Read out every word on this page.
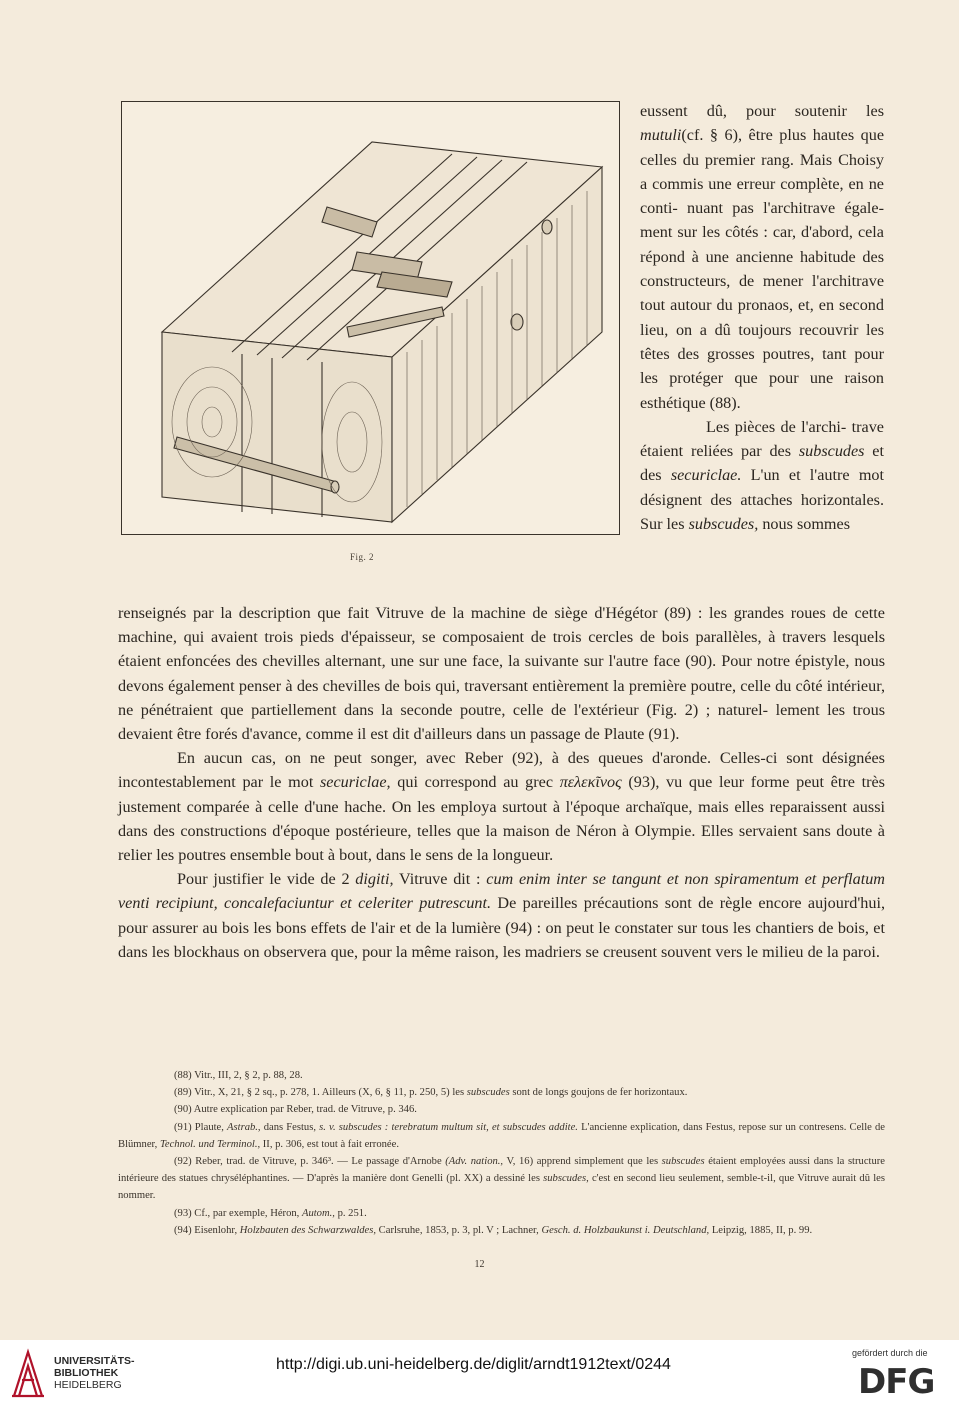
Fig. 2

eussent dû, pour soutenir les mutuli(cf. § 6), être plus hautes que celles du premier rang. Mais Choisy a commis une erreur complète, en ne conti- nuant pas l'architrave égale- ment sur les côtés : car, d'abord, cela répond à une ancienne habitude des constructeurs, de mener l'architrave tout autour du pronaos, et, en second lieu, on a dû toujours recouvrir les têtes des grosses poutres, tant pour les protéger que pour une raison esthétique (88).

Les pièces de l'archi- trave étaient reliées par des subscudes et des securiclae. L'un et l'autre mot désignent des attaches horizontales. Sur les subscudes, nous sommes

renseignés par la description que fait Vitruve de la machine de siège d'Hégétor (89) : les grandes roues de cette machine, qui avaient trois pieds d'épaisseur, se composaient de trois cercles de bois parallèles, à travers lesquels étaient enfoncées des chevilles alternant, une sur une face, la suivante sur l'autre face (90). Pour notre épistyle, nous devons également penser à des chevilles de bois qui, traversant entièrement la première poutre, celle du côté intérieur, ne pénétraient que partiellement dans la seconde poutre, celle de l'extérieur (Fig. 2) ; naturel- lement les trous devaient être forés d'avance, comme il est dit d'ailleurs dans un passage de Plaute (91).

En aucun cas, on ne peut songer, avec Reber (92), à des queues d'aronde. Celles-ci sont désignées incontestablement par le mot securiclae, qui correspond au grec πελεκῖνος (93), vu que leur forme peut être très justement comparée à celle d'une hache. On les employa surtout à l'époque archaïque, mais elles reparaissent aussi dans des constructions d'époque postérieure, telles que la maison de Néron à Olympie. Elles servaient sans doute à relier les poutres ensemble bout à bout, dans le sens de la longueur.

Pour justifier le vide de 2 digiti, Vitruve dit : cum enim inter se tangunt et non spiramentum et perflatum venti recipiunt, concalefaciuntur et celeriter putrescunt. De pareilles précautions sont de règle encore aujourd'hui, pour assurer au bois les bons effets de l'air et de la lumière (94) : on peut le constater sur tous les chantiers de bois, et dans les blockhaus on observera que, pour la même raison, les madriers se creusent souvent vers le milieu de la paroi.

(88) Vitr., III, 2, § 2, p. 88, 28.

(89) Vitr., X, 21, § 2 sq., p. 278, 1. Ailleurs (X, 6, § 11, p. 250, 5) les subscudes sont de longs goujons de fer horizontaux.

(90) Autre explication par Reber, trad. de Vitruve, p. 346.

(91) Plaute, Astrab., dans Festus, s. v. subscudes : terebratum multum sit, et subscudes addite. L'ancienne explication, dans Festus, repose sur un contresens. Celle de Blümner, Technol. und Terminol., II, p. 306, est tout à fait erronée.

(92) Reber, trad. de Vitruve, p. 346³. — Le passage d'Arnobe (Adv. nation., V, 16) apprend simplement que les subscudes étaient employées aussi dans la structure intérieure des statues chryséléphantines. — D'après la manière dont Genelli (pl. XX) a dessiné les subscudes, c'est en second lieu seulement, semble-t-il, que Vitruve aurait dû les nommer.

(93) Cf., par exemple, Héron, Autom., p. 251.

(94) Eisenlohr, Holzbauten des Schwarzwaldes, Carlsruhe, 1853, p. 3, pl. V ; Lachner, Gesch. d. Holzbaukunst i. Deutschland, Leipzig, 1885, II, p. 99.

12
UNIVERSITÄTS-
BIBLIOTHEK
HEIDELBERG
http://digi.ub.uni-heidelberg.de/diglit/arndt1912text/0244
gefördert durch die
DFG
